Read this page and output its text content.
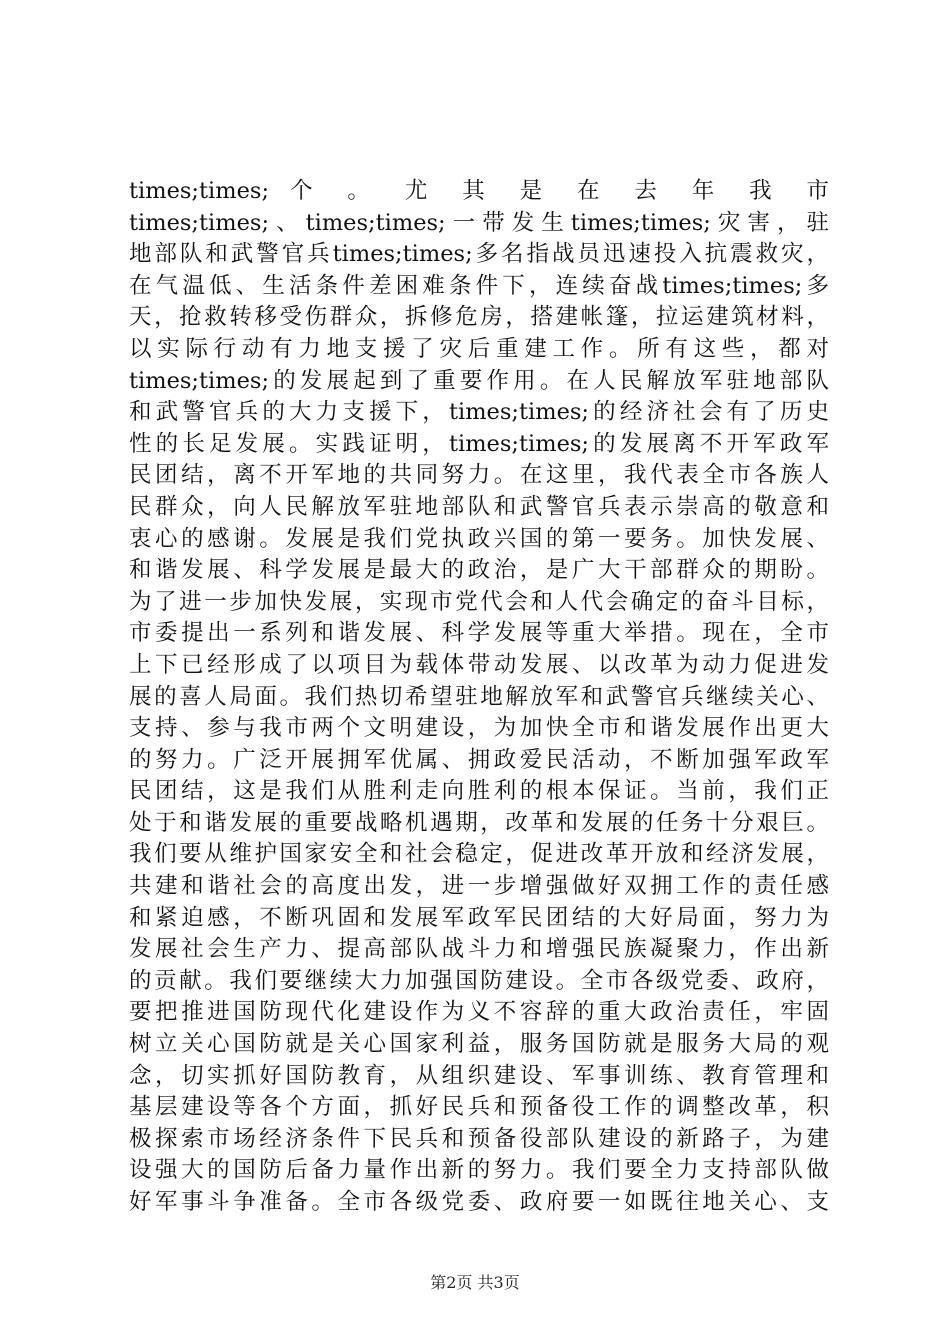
times;times; 个 。 尤 其 是 在 去 年 我 市
times;times;、times;times;一带发生times;times;灾害，驻
地部队和武警官兵times;times;多名指战员迅速投入抗震救灾，
在气温低、生活条件差困难条件下，连续奋战times;times;多
天，抢救转移受伤群众，拆修危房，搭建帐篷，拉运建筑材料，
以实际行动有力地支援了灾后重建工作。所有这些，都对
times;times;的发展起到了重要作用。在人民解放军驻地部队
和武警官兵的大力支援下，times;times;的经济社会有了历史
性的长足发展。实践证明，times;times;的发展离不开军政军
民团结，离不开军地的共同努力。在这里，我代表全市各族人
民群众，向人民解放军驻地部队和武警官兵表示崇高的敬意和
衷心的感谢。发展是我们党执政兴国的第一要务。加快发展、
和谐发展、科学发展是最大的政治，是广大干部群众的期盼。
为了进一步加快发展，实现市党代会和人代会确定的奋斗目标，
市委提出一系列和谐发展、科学发展等重大举措。现在，全市
上下已经形成了以项目为载体带动发展、以改革为动力促进发
展的喜人局面。我们热切希望驻地解放军和武警官兵继续关心、
支持、参与我市两个文明建设，为加快全市和谐发展作出更大
的努力。广泛开展拥军优属、拥政爱民活动，不断加强军政军
民团结，这是我们从胜利走向胜利的根本保证。当前，我们正
处于和谐发展的重要战略机遇期，改革和发展的任务十分艰巨。
我们要从维护国家安全和社会稳定，促进改革开放和经济发展，
共建和谐社会的高度出发，进一步增强做好双拥工作的责任感
和紧迫感，不断巩固和发展军政军民团结的大好局面，努力为
发展社会生产力、提高部队战斗力和增强民族凝聚力，作出新
的贡献。我们要继续大力加强国防建设。全市各级党委、政府，
要把推进国防现代化建设作为义不容辞的重大政治责任，牢固
树立关心国防就是关心国家利益，服务国防就是服务大局的观
念，切实抓好国防教育，从组织建设、军事训练、教育管理和
基层建设等各个方面，抓好民兵和预备役工作的调整改革，积
极探索市场经济条件下民兵和预备役部队建设的新路子，为建
设强大的国防后备力量作出新的努力。我们要全力支持部队做
好军事斗争准备。全市各级党委、政府要一如既往地关心、支
第2页 共3页
